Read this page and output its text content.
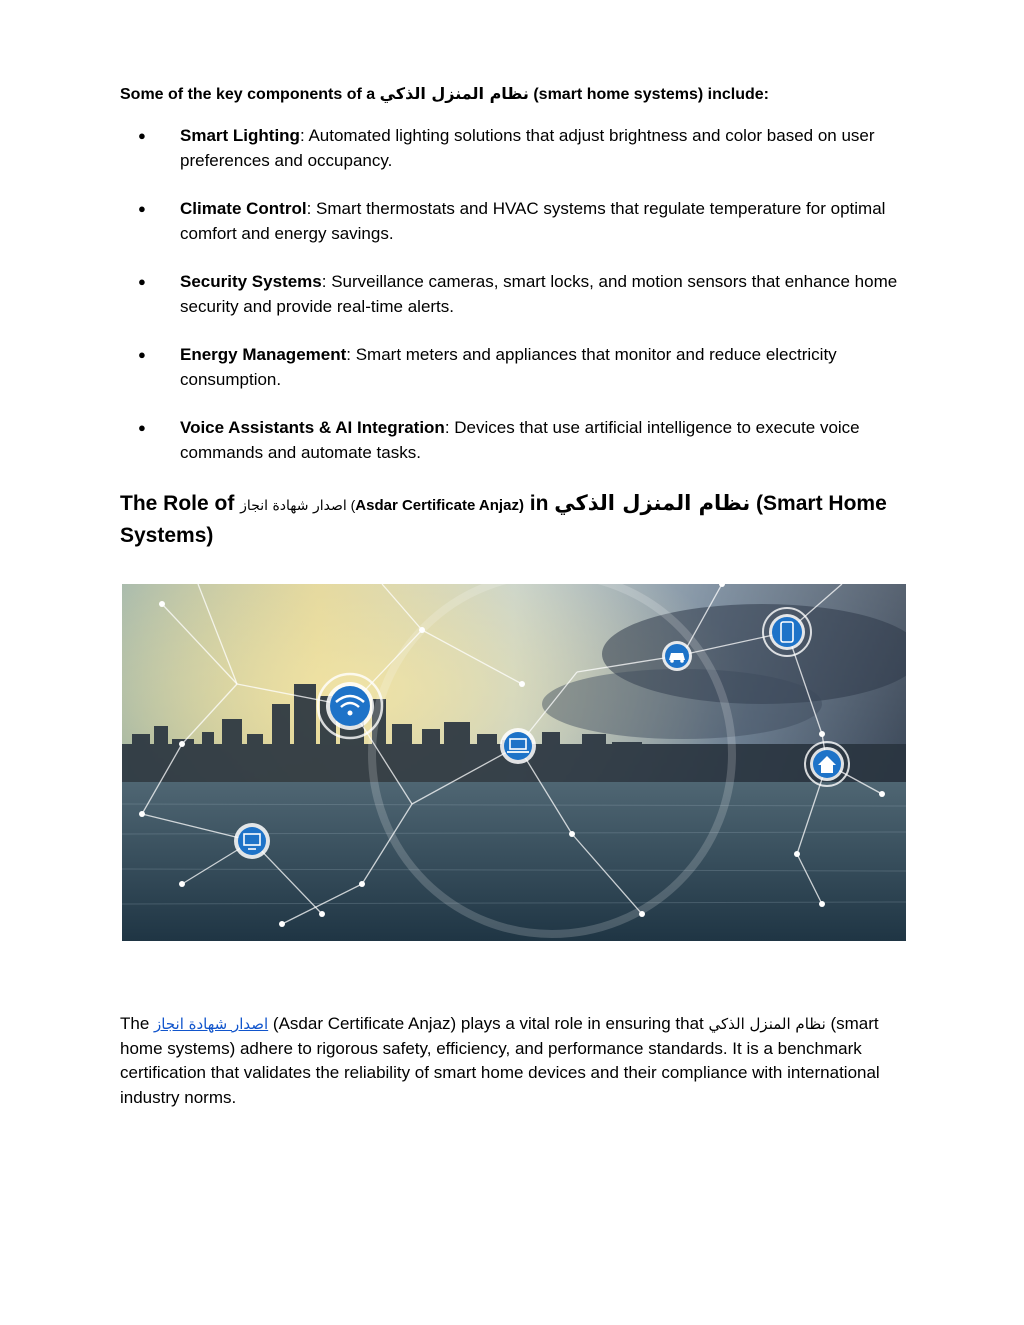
Some of the key components of a نظام المنزل الذكي (smart home systems) include:
● Smart Lighting: Automated lighting solutions that adjust brightness and color based on user preferences and occupancy.
● Climate Control: Smart thermostats and HVAC systems that regulate temperature for optimal comfort and energy savings.
● Security Systems: Surveillance cameras, smart locks, and motion sensors that enhance home security and provide real-time alerts.
● Energy Management: Smart meters and appliances that monitor and reduce electricity consumption.
● Voice Assistants & AI Integration: Devices that use artificial intelligence to execute voice commands and automate tasks.
The Role of اصدار شهادة انجاز (Asdar Certificate Anjaz) in نظام المنزل الذكي (Smart Home Systems)

The اصدار شهادة انجاز (Asdar Certificate Anjaz) plays a vital role in ensuring that نظام المنزل الذكي (smart home systems) adhere to rigorous safety, efficiency, and performance standards. It is a benchmark certification that validates the reliability of smart home devices and their compliance with international industry norms.
